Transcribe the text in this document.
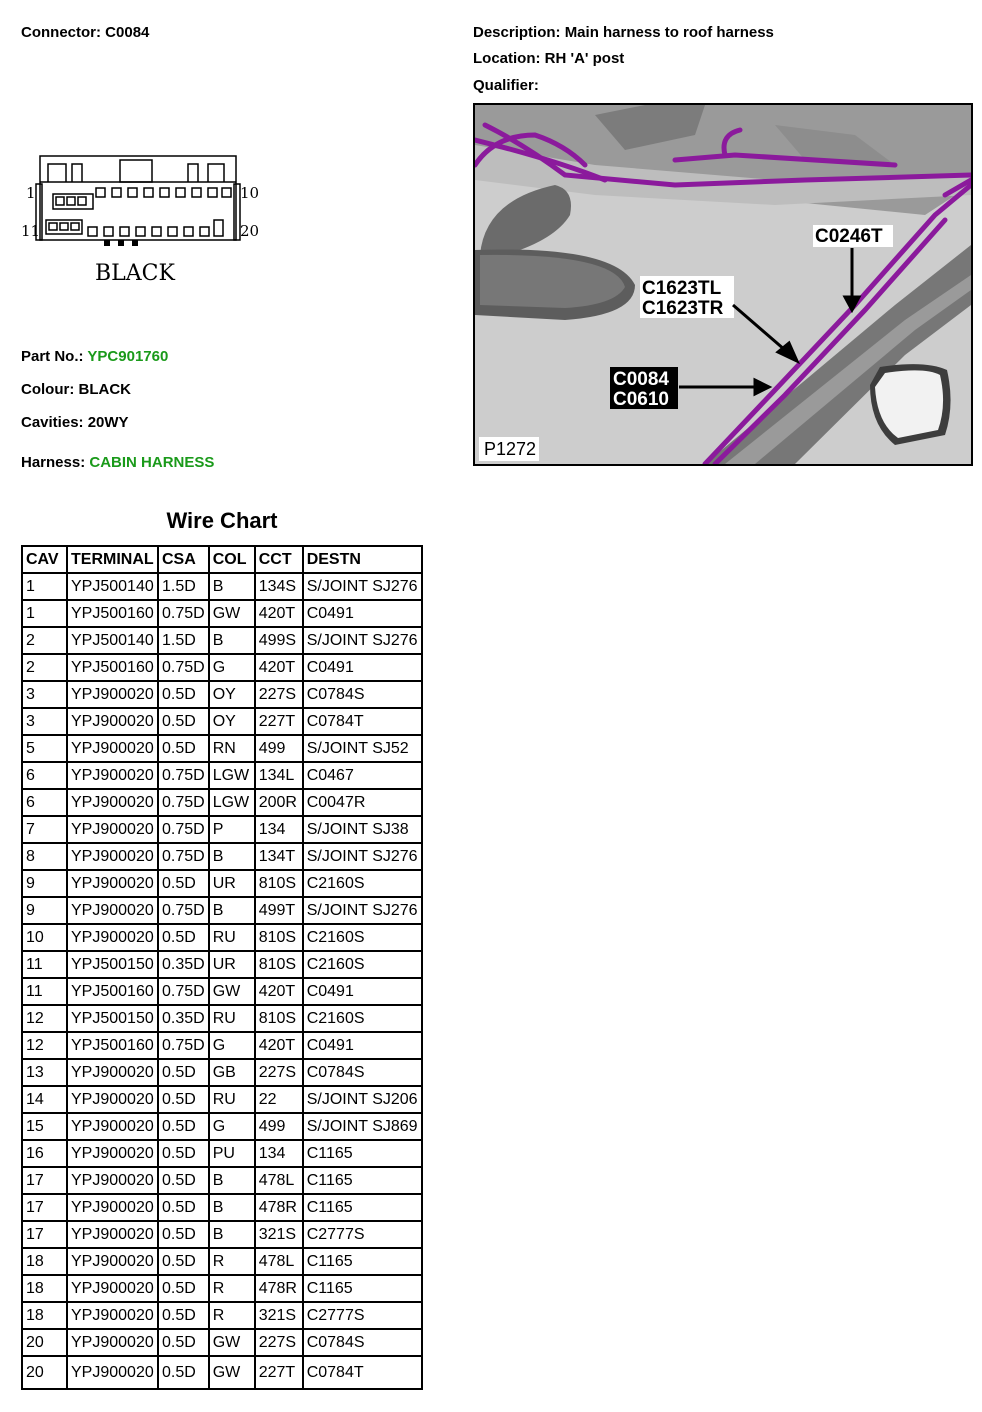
Connector: C0084	Description: Main harness to roof harness
Location: RH 'A' post
Qualifier:
1	10
11	20
BLACK
C0246T
C1623TL
C1623TR
C0084
C0610
P1272
Part No.: YPC901760
Colour: BLACK
Cavities: 20WY
Harness: CABIN HARNESS
Wire Chart
CAV	TERMINAL	CSA	COL	CCT	DESTN
1	YPJ500140	1.5D	B	134S	S/JOINT SJ276
1	YPJ500160	0.75D	GW	420T	C0491
2	YPJ500140	1.5D	B	499S	S/JOINT SJ276
2	YPJ500160	0.75D	G	420T	C0491
3	YPJ900020	0.5D	OY	227S	C0784S
3	YPJ900020	0.5D	OY	227T	C0784T
5	YPJ900020	0.5D	RN	499	S/JOINT SJ52
6	YPJ900020	0.75D	LGW	134L	C0467
6	YPJ900020	0.75D	LGW	200R	C0047R
7	YPJ900020	0.75D	P	134	S/JOINT SJ38
8	YPJ900020	0.75D	B	134T	S/JOINT SJ276
9	YPJ900020	0.5D	UR	810S	C2160S
9	YPJ900020	0.75D	B	499T	S/JOINT SJ276
10	YPJ900020	0.5D	RU	810S	C2160S
11	YPJ500150	0.35D	UR	810S	C2160S
11	YPJ500160	0.75D	GW	420T	C0491
12	YPJ500150	0.35D	RU	810S	C2160S
12	YPJ500160	0.75D	G	420T	C0491
13	YPJ900020	0.5D	GB	227S	C0784S
14	YPJ900020	0.5D	RU	22	S/JOINT SJ206
15	YPJ900020	0.5D	G	499	S/JOINT SJ869
16	YPJ900020	0.5D	PU	134	C1165
17	YPJ900020	0.5D	B	478L	C1165
17	YPJ900020	0.5D	B	478R	C1165
17	YPJ900020	0.5D	B	321S	C2777S
18	YPJ900020	0.5D	R	478L	C1165
18	YPJ900020	0.5D	R	478R	C1165
18	YPJ900020	0.5D	R	321S	C2777S
20	YPJ900020	0.5D	GW	227S	C0784S
20	YPJ900020	0.5D	GW	227T	C0784T
